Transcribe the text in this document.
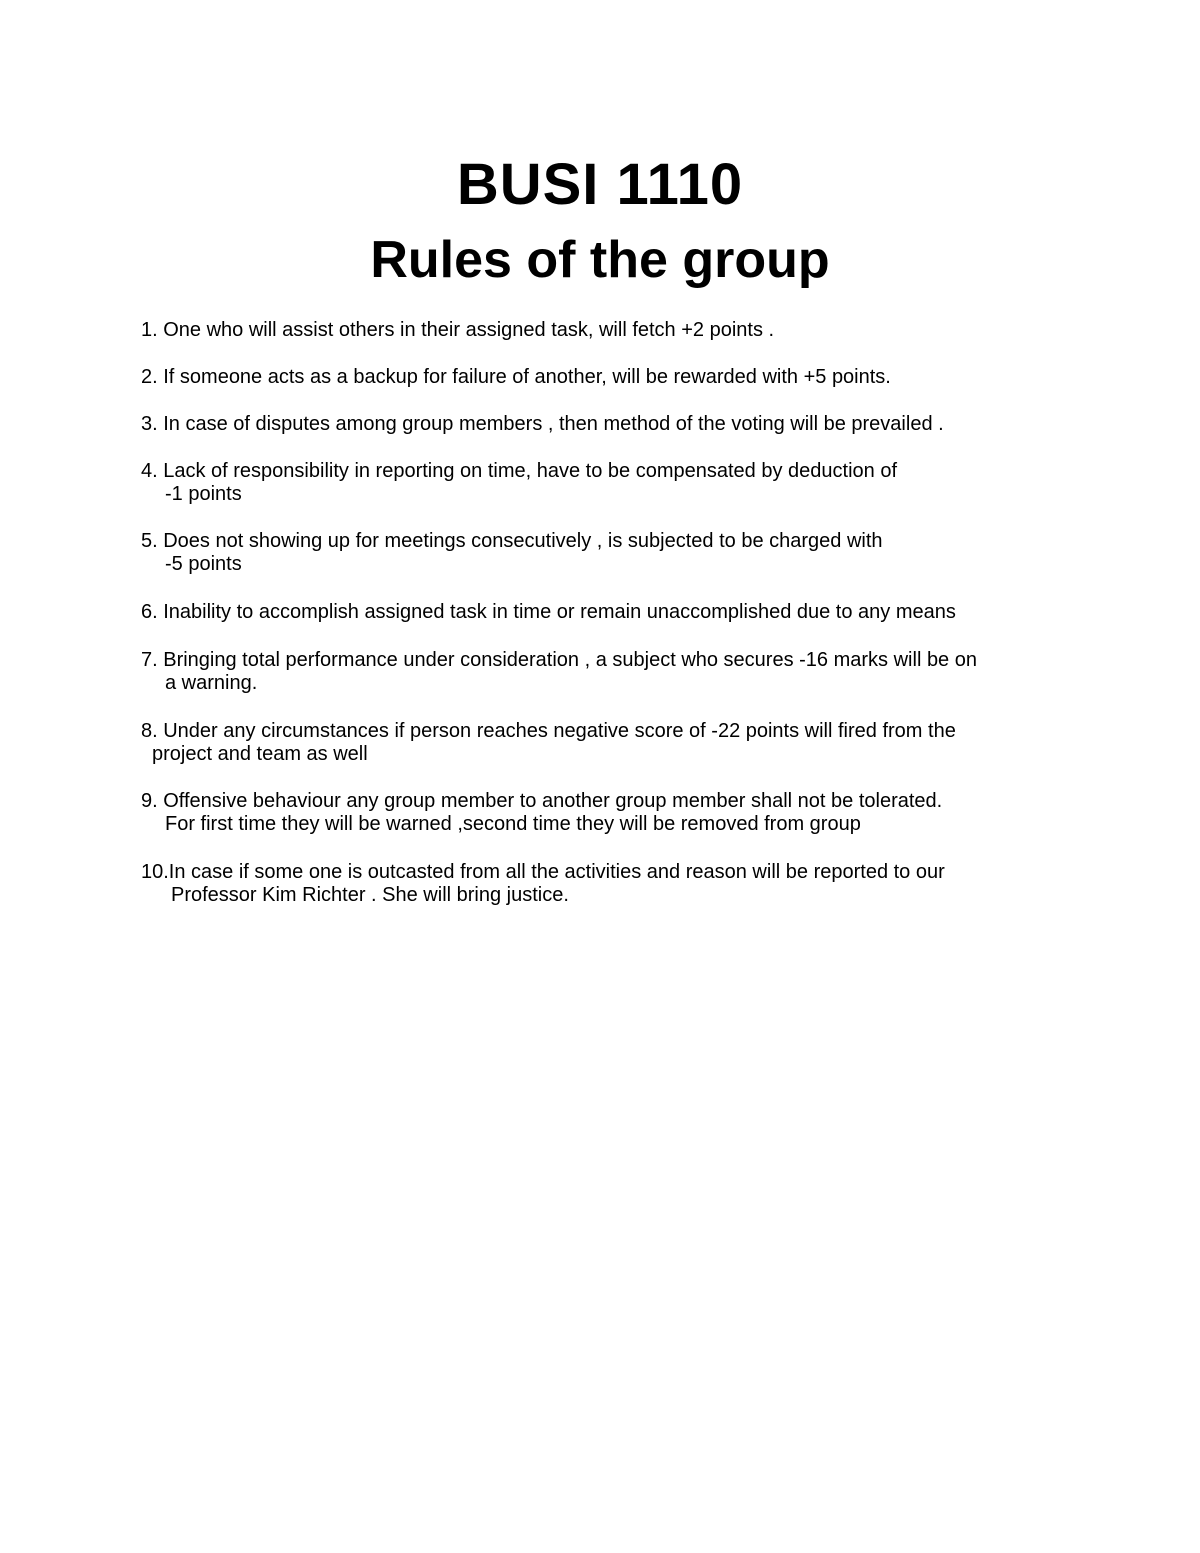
BUSI 1110
Rules of the group
1. One who will assist others in their assigned task, will fetch +2 points .
2. If someone acts as a backup for failure of another, will be rewarded with +5 points.
3. In case of disputes among group members , then method of the voting will be prevailed .
4. Lack of responsibility in reporting on time, have to be compensated by deduction of
-1 points
5. Does not showing up for meetings consecutively , is subjected to be charged with
-5 points
6. Inability to accomplish assigned task in time or remain unaccomplished due to any means
7. Bringing total performance under consideration , a subject who secures -16 marks will be on
a warning.
8. Under any circumstances if person reaches negative score of -22 points will fired from the
project and team as well
9. Offensive behaviour any group member to another group member shall not be tolerated.
For first time they will be warned ,second time they will be removed from group
10.In case if some one is outcasted from all the activities and reason will be reported to our
Professor Kim Richter . She will bring justice.
